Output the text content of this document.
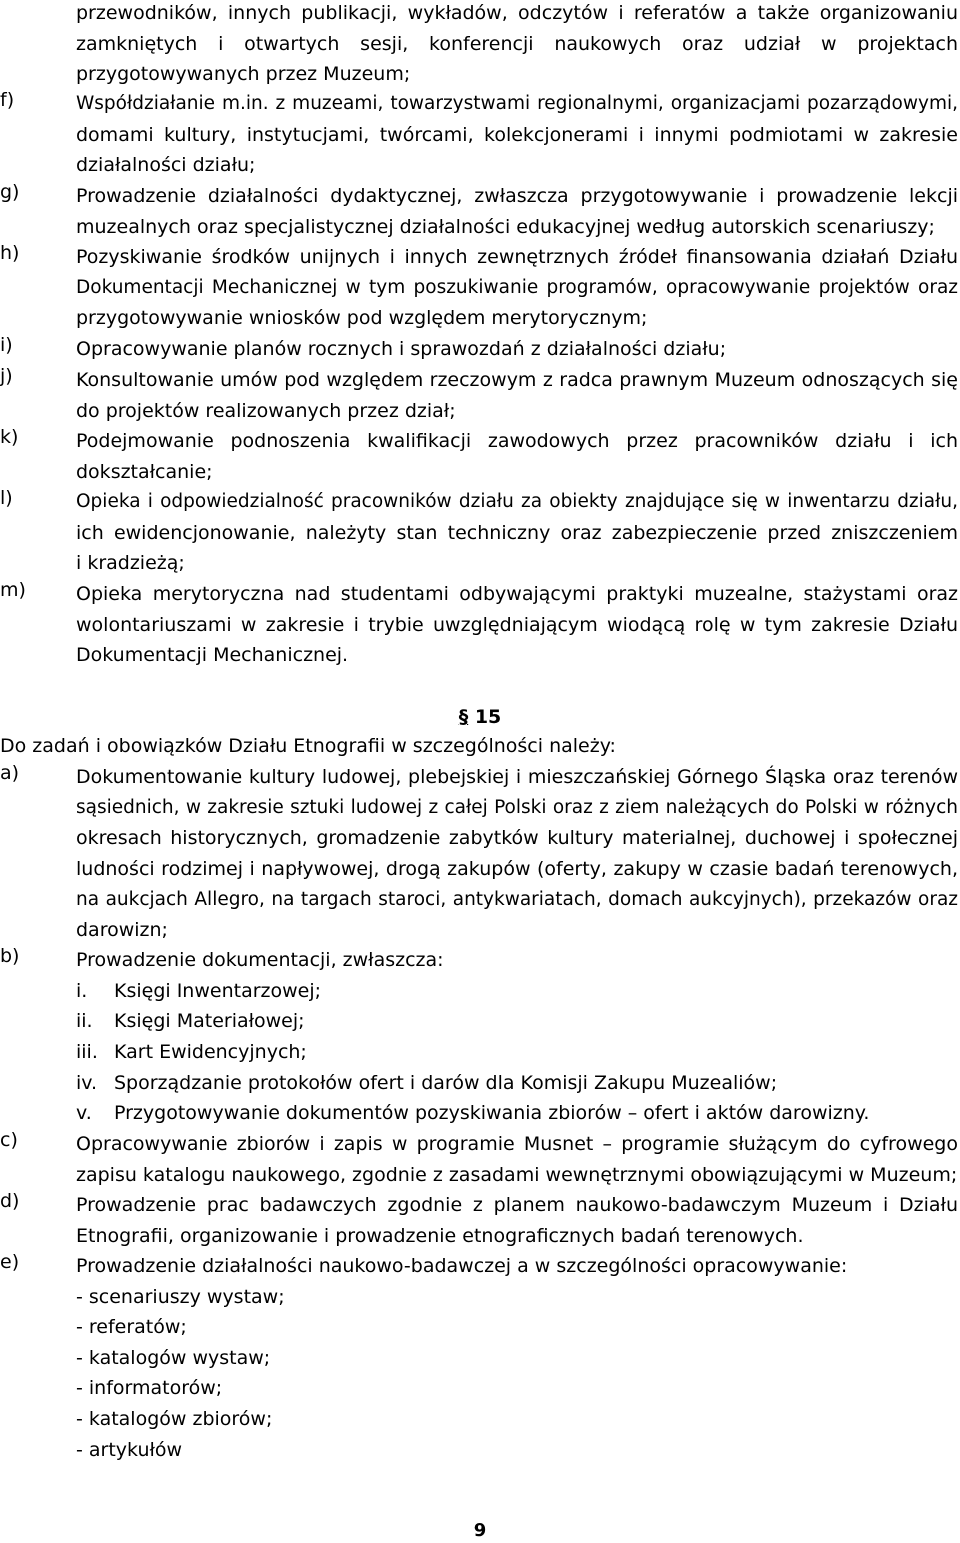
przewodników, innych publikacji, wykładów, odczytów i referatów a także organizowaniu
zamkniętych i otwartych sesji, konferencji naukowych oraz udział w projektach
przygotowywanych przez Muzeum;
f)	Współdziałanie m.in. z muzeami, towarzystwami regionalnymi, organizacjami pozarządowymi,
domami kultury, instytucjami, twórcami, kolekcjonerami i innymi podmiotami w zakresie
działalności działu;
g)	Prowadzenie działalności dydaktycznej, zwłaszcza przygotowywanie i prowadzenie lekcji
muzealnych oraz specjalistycznej działalności edukacyjnej według autorskich scenariuszy;
h)	Pozyskiwanie środków unijnych i innych zewnętrznych źródeł finansowania działań Działu
Dokumentacji Mechanicznej w tym poszukiwanie programów, opracowywanie projektów oraz
przygotowywanie wniosków pod względem merytorycznym;
i)	Opracowywanie planów rocznych i sprawozdań z działalności działu;
j)	Konsultowanie umów pod względem rzeczowym z radca prawnym Muzeum odnoszących się
do projektów realizowanych przez dział;
k)	Podejmowanie podnoszenia kwalifikacji zawodowych przez pracowników działu i ich
dokształcanie;
l)	Opieka i odpowiedzialność pracowników działu za obiekty znajdujące się w inwentarzu działu,
ich ewidencjonowanie, należyty stan techniczny oraz zabezpieczenie przed zniszczeniem
i kradzieżą;
m)	Opieka merytoryczna nad studentami odbywającymi praktyki muzealne, stażystami oraz
wolontariuszami w zakresie i trybie uwzględniającym wiodącą rolę w tym zakresie Działu
Dokumentacji Mechanicznej.
§ 15
Do zadań i obowiązków Działu Etnografii w szczególności należy:
a)	Dokumentowanie kultury ludowej, plebejskiej i mieszczańskiej Górnego Śląska oraz terenów
sąsiednich, w zakresie sztuki ludowej z całej Polski oraz z ziem należących do Polski w różnych
okresach historycznych, gromadzenie zabytków kultury materialnej, duchowej i społecznej
ludności rodzimej i napływowej, drogą zakupów (oferty, zakupy w czasie badań terenowych,
na aukcjach Allegro, na targach staroci, antykwariatach, domach aukcyjnych), przekazów oraz
darowizn;
b)	Prowadzenie dokumentacji, zwłaszcza:
i. Księgi Inwentarzowej;
ii. Księgi Materiałowej;
iii. Kart Ewidencyjnych;
iv. Sporządzanie protokołów ofert i darów dla Komisji Zakupu Muzealiów;
v. Przygotowywanie dokumentów pozyskiwania zbiorów – ofert i aktów darowizny.
c)	Opracowywanie zbiorów i zapis w programie Musnet – programie służącym do cyfrowego
zapisu katalogu naukowego, zgodnie z zasadami wewnętrznymi obowiązującymi w Muzeum;
d)	Prowadzenie prac badawczych zgodnie z planem naukowo-badawczym Muzeum i Działu
Etnografii, organizowanie i prowadzenie etnograficznych badań terenowych.
e)	Prowadzenie działalności naukowo-badawczej a w szczególności opracowywanie:
- scenariuszy wystaw;
- referatów;
- katalogów wystaw;
- informatorów;
- katalogów zbiorów;
- artykułów
9
